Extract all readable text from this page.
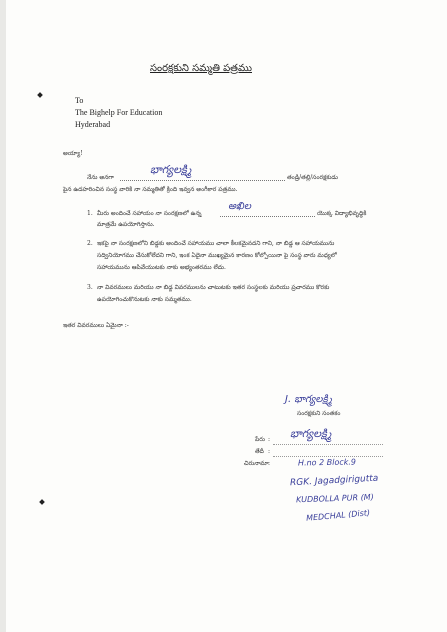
సంరక్షకుని సమ్మతి పత్రము
To
The Bighelp For Education
Hyderabad
అయ్యా!
నేను అనగా
భాగ్యలక్ష్మి
తండ్రి/తల్లి/సంరక్షకుడు
పైన ఉదహరించిన సంస్థ వారికి నా సమ్మతితో క్రింది ఇవ్వన అంగీకార పత్రము.
1. మీరు అందించే సహాయం నా సంరక్షణలో ఉన్న
అఖిల
యొక్క విద్యాభివృద్ధికి
మాత్రమే ఉపయోగిస్తాను.
2. ఇకపై నా సంరక్షణలోని బిడ్డకు అందించే సహాయము చాలా కీలకమైనదని గాని, నా బిడ్డ ఆ సహాయమును
సద్వినియోగము చేసుకోలేదని గాని, ఇంక ఏదైనా ముఖ్యమైన కారణం కోల్పోయినా పై సంస్థ వారు మధ్యలో
సహాయమును ఆపివేయుటకు నాకు అభ్యంతరము లేదు.
3. నా వివరములు మరియు నా బిడ్డ వివరములను చాటుటకు ఇతర సంస్థలకు మరియు ప్రచారము కొరకు
ఉపయోగించుకొనుటకు నాకు సమ్మతము.
ఇతర వివరములు ఏమైనా :-
J. భాగ్యలక్ష్మి
సంరక్షకుని సంతకం
పేరు : భాగ్యలక్ష్మి
తేదీ :
చిరునామా :	H.no 2 Block.9
RGK. Jagadgirigutta
KUDBOLLA PUR (M)
MEDCHAL (Dist)
